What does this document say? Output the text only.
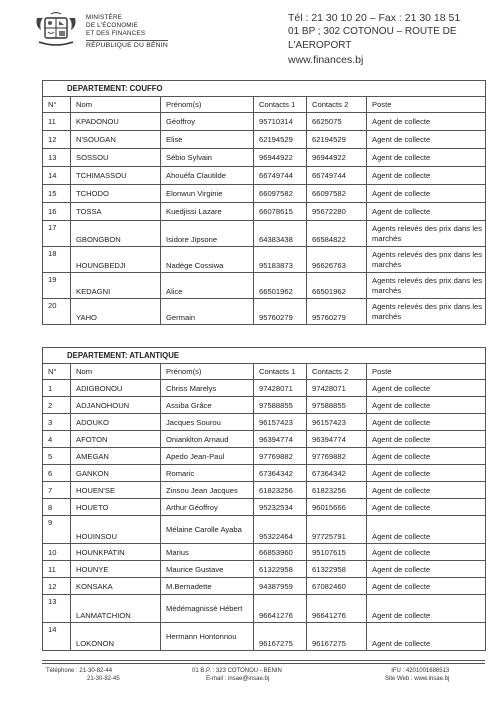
MINISTÈRE
DE L'ÉCONOMIE
ET DES FINANCES
RÉPUBLIQUE DU BÉNIN
Tél : 21 30 10 20 – Fax : 21 30 18 51
01 BP ; 302 COTONOU – ROUTE DE L'AEROPORT
www.finances.bj
DEPARTEMENT: COUFFO					
N°	Nom	Prénom(s)	Contacts 1	Contacts 2	Poste
11	KPADONOU	Géoffroy	95710314	6625075	Agent de collecte
12	N'SOUGAN	Elise	62194529	62194529	Agent de collecte
13	SOSSOU	Sébio Sylvain	96944922	96944922	Agent de collecte
14	TCHIMASSOU	Ahouéfa Clautilde	66749744	66749744	Agent de collecte
15	TCHODO	Elonwun Virginie	66097582	66097582	Agent de collecte
16	TOSSA	Kuedjissi Lazare	66078615	95672280	Agent de collecte
17	GBONGBON	Isidore Jipsone	64383438	66584822	Agents relevés des prix dans les marchés
18	HOUNGBEDJI	Nadège Cossiwa	95183873	96626763	Agents relevés des prix dans les marchés
19	KEDAGNI	Alice	66501962	66501962	Agents relevés des prix dans les marchés
20	YAHO	Germain	95760279	95760279	Agents relevés des prix dans les marchés
DEPARTEMENT: ATLANTIQUE					
N°	Nom	Prénom(s)	Contacts 1	Contacts 2	Poste
1	ADIGBONOU	Chriss Marelys	97428071	97428071	Agent de collecte
2	ADJANOHOUN	Assiba Grâce	97588855	97588855	Agent de collecte
3	ADOUKO	Jacques Sourou	96157423	96157423	Agent de collecte
4	AFOTON	Onianklton Arnaud	96394774	96394774	Agent de collecte
5	AMEGAN	Apedo Jean-Paul	97769882	97769882	Agent de collecte
6	GANKON	Romaric	67364342	67364342	Agent de collecte
7	HOUEN'SE	Zinsou Jean Jacques	61823256	61823256	Agent de collecte
8	HOUETO	Arthur Géoffroy	95232534	96015666	Agent de collecte
9	HOUINSOU	Mélaine Carolle Ayaba	95322464	97725791	Agent de collecte
10	HOUNKPATIN	Marius	66853960	95107615	Agent de collecte
11	HOUNYE	Maurice Gustave	61322958	61322958	Agent de collecte
12	KONSAKA	M.Bernadette	94387959	67082460	Agent de collecte
13	LANMATCHION	Mèdémagnissè Hébert	96641276	96641276	Agent de collecte
14	LOKONON	Hermann Hontonnou	96167275	96167275	Agent de collecte
Téléphone : 21-30-82-44
21-30-82-45
01 B.P. : 323 COTONOU - BENIN
E-mail : insae@insae.bj
IFU : 4201001686513
Site Web : www.insae.bj
